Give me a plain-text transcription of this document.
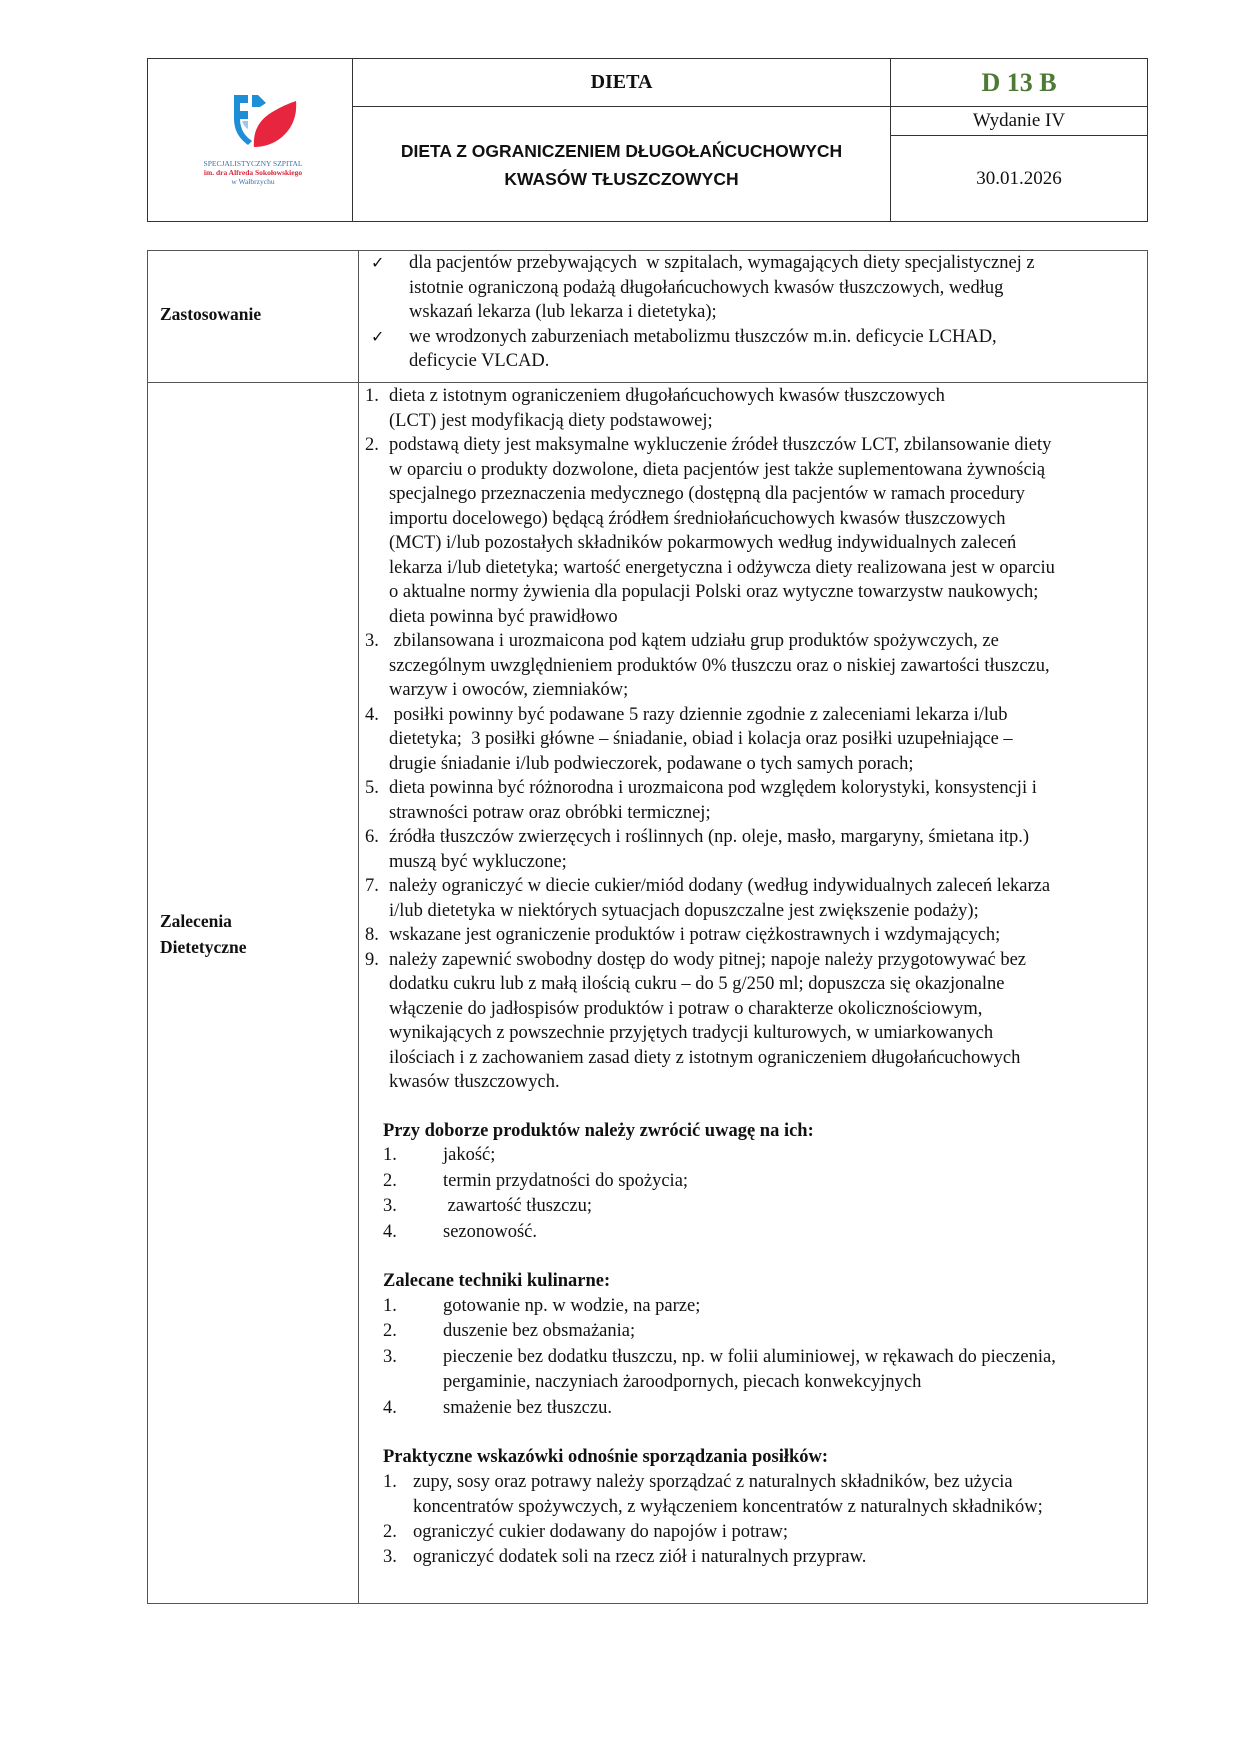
SPECJALISTYCZNY SZPITAL
im. dra Alfreda Sokołowskiego
w Wałbrzychu
DIETA
DIETA Z OGRANICZENIEM DŁUGOŁAŃCUCHOWYCH
KWASÓW TŁUSZCZOWYCH
D 13 B
Wydanie IV
30.01.2026
Zastosowanie
✓ dla pacjentów przebywających  w szpitalach, wymagających diety specjalistycznej z
istotnie ograniczoną podażą długołańcuchowych kwasów tłuszczowych, według
wskazań lekarza (lub lekarza i dietetyka);
✓ we wrodzonych zaburzeniach metabolizmu tłuszczów m.in. deficycie LCHAD,
deficycie VLCAD.
Zalecenia
Dietetyczne
1. dieta z istotnym ograniczeniem długołańcuchowych kwasów tłuszczowych
(LCT) jest modyfikacją diety podstawowej;
2. podstawą diety jest maksymalne wykluczenie źródeł tłuszczów LCT, zbilansowanie diety
w oparciu o produkty dozwolone, dieta pacjentów jest także suplementowana żywnością
specjalnego przeznaczenia medycznego (dostępną dla pacjentów w ramach procedury
importu docelowego) będącą źródłem średniołańcuchowych kwasów tłuszczowych
(MCT) i/lub pozostałych składników pokarmowych według indywidualnych zaleceń
lekarza i/lub dietetyka; wartość energetyczna i odżywcza diety realizowana jest w oparciu
o aktualne normy żywienia dla populacji Polski oraz wytyczne towarzystw naukowych;
dieta powinna być prawidłowo
3. zbilansowana i urozmaicona pod kątem udziału grup produktów spożywczych, ze
szczególnym uwzględnieniem produktów 0% tłuszczu oraz o niskiej zawartości tłuszczu,
warzyw i owoców, ziemniaków;
4. posiłki powinny być podawane 5 razy dziennie zgodnie z zaleceniami lekarza i/lub
dietetyka;  3 posiłki główne – śniadanie, obiad i kolacja oraz posiłki uzupełniające –
drugie śniadanie i/lub podwieczorek, podawane o tych samych porach;
5. dieta powinna być różnorodna i urozmaicona pod względem kolorystyki, konsystencji i
strawności potraw oraz obróbki termicznej;
6. źródła tłuszczów zwierzęcych i roślinnych (np. oleje, masło, margaryny, śmietana itp.)
muszą być wykluczone;
7. należy ograniczyć w diecie cukier/miód dodany (według indywidualnych zaleceń lekarza
i/lub dietetyka w niektórych sytuacjach dopuszczalne jest zwiększenie podaży);
8. wskazane jest ograniczenie produktów i potraw ciężkostrawnych i wzdymających;
9. należy zapewnić swobodny dostęp do wody pitnej; napoje należy przygotowywać bez
dodatku cukru lub z małą ilością cukru – do 5 g/250 ml; dopuszcza się okazjonalne
włączenie do jadłospisów produktów i potraw o charakterze okolicznościowym,
wynikających z powszechnie przyjętych tradycji kulturowych, w umiarkowanych
ilościach i z zachowaniem zasad diety z istotnym ograniczeniem długołańcuchowych
kwasów tłuszczowych.
Przy doborze produktów należy zwrócić uwagę na ich:
1. jakość;
2. termin przydatności do spożycia;
3. zawartość tłuszczu;
4. sezonowość.
Zalecane techniki kulinarne:
1. gotowanie np. w wodzie, na parze;
2. duszenie bez obsmażania;
3. pieczenie bez dodatku tłuszczu, np. w folii aluminiowej, w rękawach do pieczenia,
pergaminie, naczyniach żaroodpornych, piecach konwekcyjnych
4. smażenie bez tłuszczu.
Praktyczne wskazówki odnośnie sporządzania posiłków:
1. zupy, sosy oraz potrawy należy sporządzać z naturalnych składników, bez użycia
koncentratów spożywczych, z wyłączeniem koncentratów z naturalnych składników;
2. ograniczyć cukier dodawany do napojów i potraw;
3. ograniczyć dodatek soli na rzecz ziół i naturalnych przypraw.
